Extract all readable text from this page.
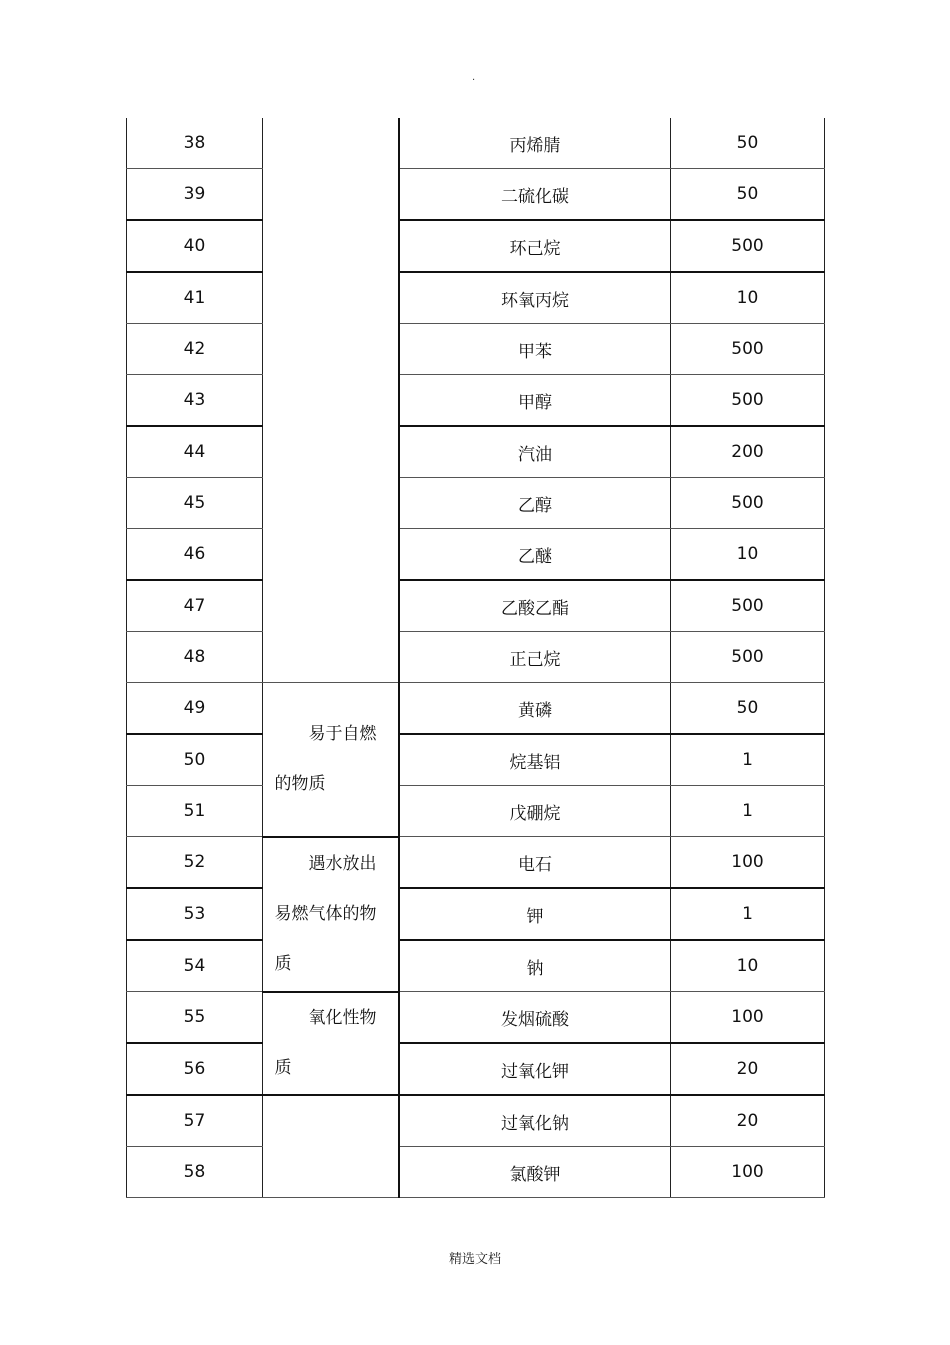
.
38		丙烯腈	50
39		二硫化碳	50
40		环己烷	500
41		环氧丙烷	10
42		甲苯	500
43		甲醇	500
44		汽油	200
45		乙醇	500
46		乙醚	10
47		乙酸乙酯	500
48		正己烷	500
49	易于自燃的物质	黄磷	50
50		烷基铝	1
51		戊硼烷	1
52	遇水放出易燃气体的物质	电石	100
53		钾	1
54		钠	10
55	氧化性物质	发烟硫酸	100
56		过氧化钾	20
57		过氧化钠	20
58		氯酸钾	100
精选文档
